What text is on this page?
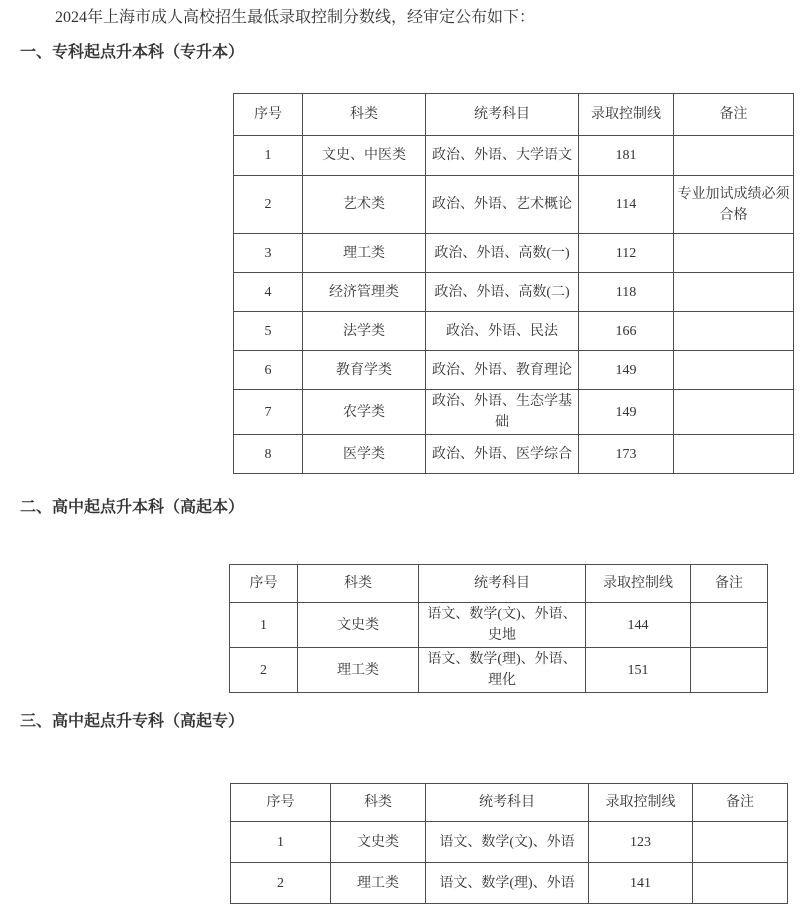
2024年上海市成人高校招生最低录取控制分数线，经审定公布如下：
一、专科起点升本科（专升本）
序号	科类	统考科目	录取控制线	备注
1	文史、中医类	政治、外语、大学语文	181	
2	艺术类	政治、外语、艺术概论	114	专业加试成绩必须合格
3	理工类	政治、外语、高数(一)	112	
4	经济管理类	政治、外语、高数(二)	118	
5	法学类	政治、外语、民法	166	
6	教育学类	政治、外语、教育理论	149	
7	农学类	政治、外语、生态学基础	149	
8	医学类	政治、外语、医学综合	173	
二、高中起点升本科（高起本）
序号	科类	统考科目	录取控制线	备注
1	文史类	语文、数学(文)、外语、史地	144	
2	理工类	语文、数学(理)、外语、理化	151	
三、高中起点升专科（高起专）
序号	科类	统考科目	录取控制线	备注
1	文史类	语文、数学(文)、外语	123	
2	理工类	语文、数学(理)、外语	141	
